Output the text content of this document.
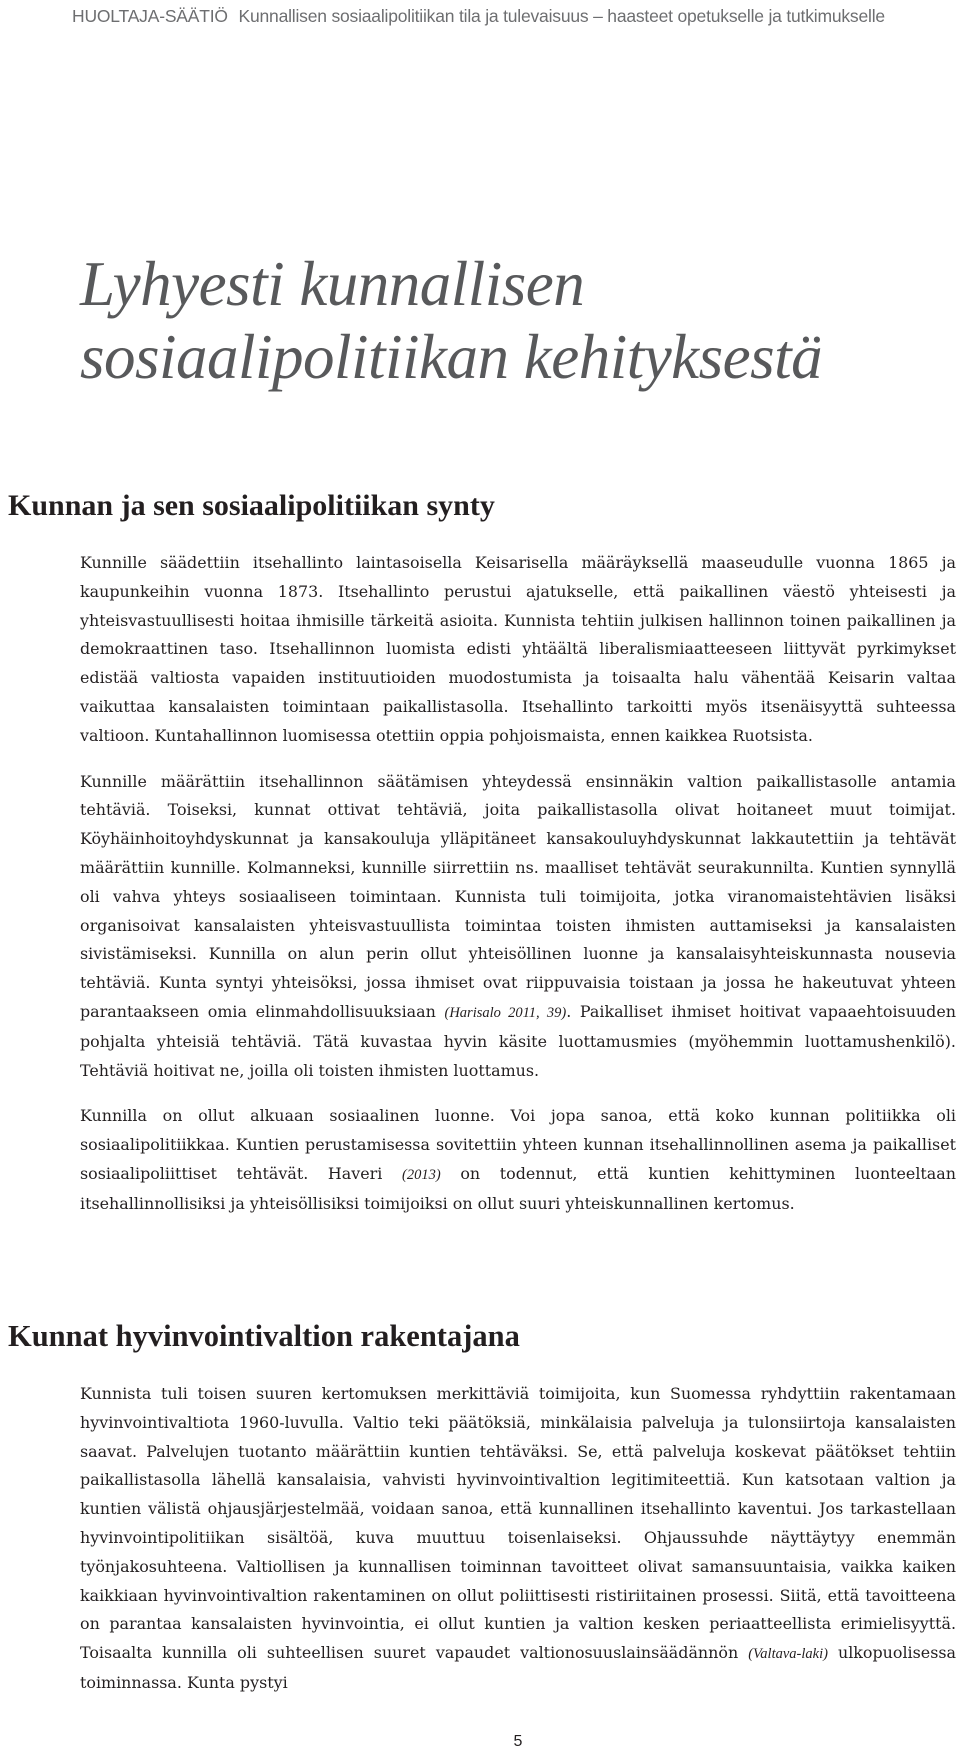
HUOLTAJA-SÄÄTIÖ Kunnallisen sosiaalipolitiikan tila ja tulevaisuus – haasteet opetukselle ja tutkimukselle
Lyhyesti kunnallisen
sosiaalipolitiikan kehityksestä
Kunnan ja sen sosiaalipolitiikan synty

Kunnille säädettiin itsehallinto laintasoisella Keisarisella määräyksellä maaseudulle vuonna 1865 ja kaupunkeihin vuonna 1873. Itsehallinto perustui ajatukselle, että paikallinen väestö yhteisesti ja yhteisvastuullisesti hoitaa ihmisille tärkeitä asioita. Kunnista tehtiin julkisen hallinnon toinen paikallinen ja demokraattinen taso. Itsehallinnon luomista edisti yhtäältä liberalismiaatteeseen liittyvät pyrkimykset edistää valtiosta vapaiden instituutioiden muodostumista ja toisaalta halu vähentää Keisarin valtaa vaikuttaa kansalaisten toimintaan paikallistasolla. Itsehallinto tarkoitti myös itsenäisyyttä suhteessa valtioon. Kuntahallinnon luomisessa otettiin oppia pohjoismaista, ennen kaikkea Ruotsista.

Kunnille määrättiin itsehallinnon säätämisen yhteydessä ensinnäkin valtion paikallistasolle antamia tehtäviä. Toiseksi, kunnat ottivat tehtäviä, joita paikallistasolla olivat hoitaneet muut toimijat. Köyhäinhoitoyhdyskunnat ja kansakouluja ylläpitäneet kansakouluyhdyskunnat lakkautettiin ja tehtävät määrättiin kunnille. Kolmanneksi, kunnille siirrettiin ns. maalliset tehtävät seurakunnilta. Kuntien synnyllä oli vahva yhteys sosiaaliseen toimintaan. Kunnista tuli toimijoita, jotka viranomaistehtävien lisäksi organisoivat kansalaisten yhteisvastuullista toimintaa toisten ihmisten auttamiseksi ja kansalaisten sivistämiseksi. Kunnilla on alun perin ollut yhteisöllinen luonne ja kansalaisyhteiskunnasta nousevia tehtäviä. Kunta syntyi yhteisöksi, jossa ihmiset ovat riippuvaisia toistaan ja jossa he hakeutuvat yhteen parantaakseen omia elinmahdollisuuksiaan (Harisalo 2011, 39). Paikalliset ihmiset hoitivat vapaaehtoisuuden pohjalta yhteisiä tehtäviä. Tätä kuvastaa hyvin käsite luottamusmies (myöhemmin luottamushenkilö). Tehtäviä hoitivat ne, joilla oli toisten ihmisten luottamus.

Kunnilla on ollut alkuaan sosiaalinen luonne. Voi jopa sanoa, että koko kunnan politiikka oli sosiaalipolitiikkaa. Kuntien perustamisessa sovitettiin yhteen kunnan itsehallinnollinen asema ja paikalliset sosiaalipoliittiset tehtävät. Haveri (2013) on todennut, että kuntien kehittyminen luonteeltaan itsehallinnollisiksi ja yhteisöllisiksi toimijoiksi on ollut suuri yhteiskunnallinen kertomus.

Kunnat hyvinvointivaltion rakentajana

Kunnista tuli toisen suuren kertomuksen merkittäviä toimijoita, kun Suomessa ryhdyttiin rakentamaan hyvinvointivaltiota 1960-luvulla. Valtio teki päätöksiä, minkälaisia palveluja ja tulonsiirtoja kansalaisten saavat. Palvelujen tuotanto määrättiin kuntien tehtäväksi. Se, että palveluja koskevat päätökset tehtiin paikallistasolla lähellä kansalaisia, vahvisti hyvinvointivaltion legitimiteettiä. Kun katsotaan valtion ja kuntien välistä ohjausjärjestelmää, voidaan sanoa, että kunnallinen itsehallinto kaventui. Jos tarkastellaan hyvinvointipolitiikan sisältöä, kuva muuttuu toisenlaiseksi. Ohjaussuhde näyttäytyy enemmän työnjakosuhteena. Valtiollisen ja kunnallisen toiminnan tavoitteet olivat samansuuntaisia, vaikka kaiken kaikkiaan hyvinvointivaltion rakentaminen on ollut poliittisesti ristiriitainen prosessi. Siitä, että tavoitteena on parantaa kansalaisten hyvinvointia, ei ollut kuntien ja valtion kesken periaatteellista erimielisyyttä. Toisaalta kunnilla oli suhteellisen suuret vapaudet valtionosuuslainsäädännön (Valtava-laki) ulkopuolisessa toiminnassa. Kunta pystyi

5
